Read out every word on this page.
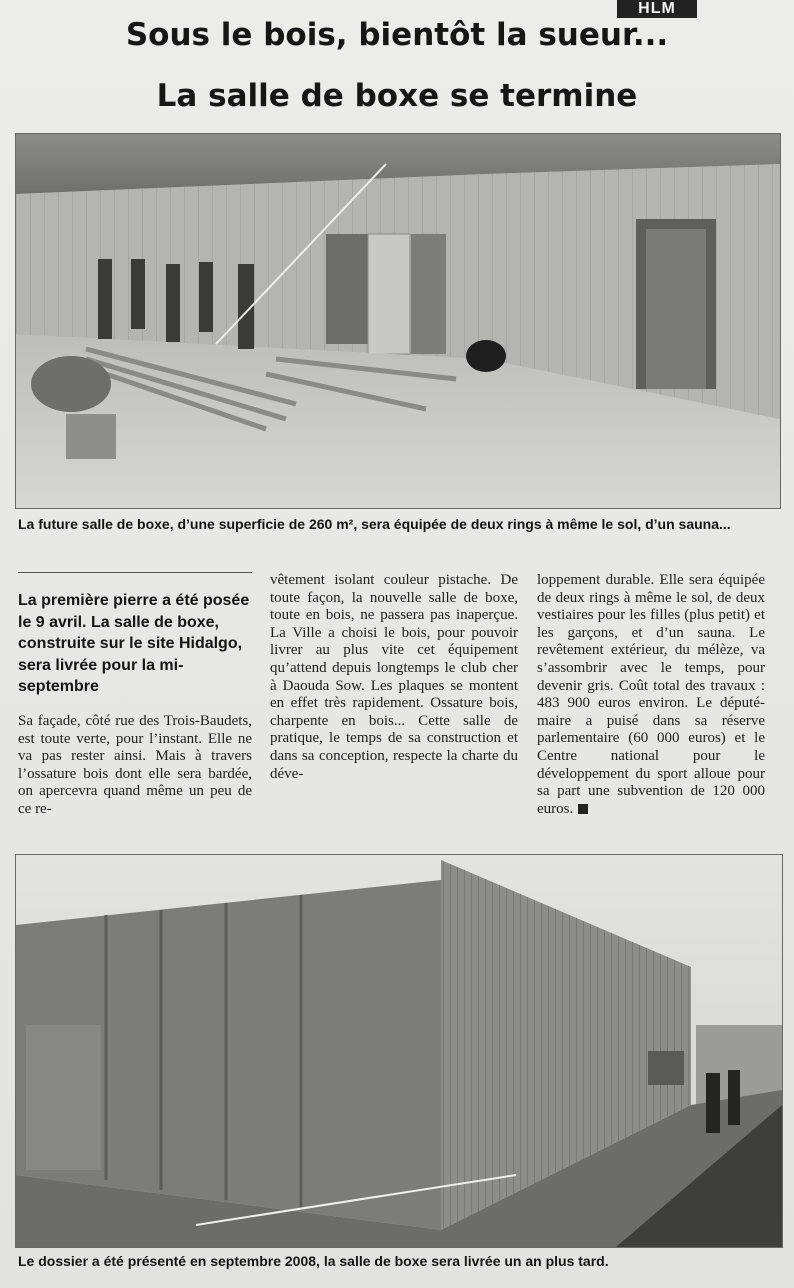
HLM
Sous le bois, bientôt la sueur...
La salle de boxe se termine
La future salle de boxe, d’une superficie de 260 m², sera équipée de deux rings à même le sol, d’un sauna...
La première pierre a été posée le 9 avril. La salle de boxe, construite sur le site Hidalgo, sera livrée pour la mi-septembre
Sa façade, côté rue des Trois-Baudets, est toute verte, pour l’instant. Elle ne va pas rester ainsi. Mais à travers l’ossature bois dont elle sera bardée, on apercevra quand même un peu de ce re-
vêtement isolant couleur pistache. De toute façon, la nouvelle salle de boxe, toute en bois, ne passera pas inaperçue. La Ville a choisi le bois, pour pouvoir livrer au plus vite cet équipement qu’attend depuis longtemps le club cher à Daouda Sow. Les plaques se montent en effet très rapidement. Ossature bois, charpente en bois... Cette salle de pratique, le temps de sa construction et dans sa conception, respecte la charte du déve-
loppement durable. Elle sera équipée de deux rings à même le sol, de deux vestiaires pour les filles (plus petit) et les garçons, et d’un sauna. Le revêtement extérieur, du mélèze, va s’assombrir avec le temps, pour devenir gris. Coût total des travaux : 483 900 euros environ. Le député-maire a puisé dans sa réserve parlementaire (60 000 euros) et le Centre national pour le développement du sport alloue pour sa part une subvention de 120 000 euros.
Le dossier a été présenté en septembre 2008, la salle de boxe sera livrée un an plus tard.
